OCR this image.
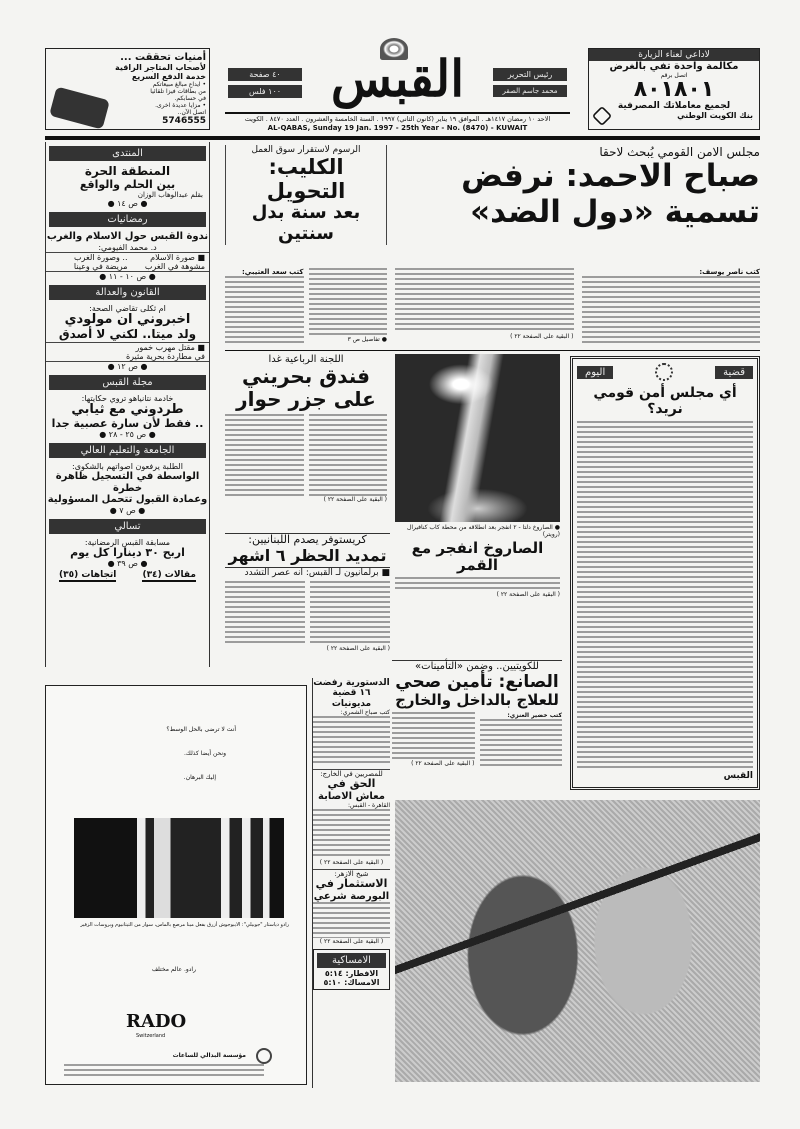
أمنيات تحققت ...
لأصحاب المتاجر الراقية
خدمة الدفع السريع
• ايداع مبالغ مبيعاتكم من بطاقات فيزا تلقائيا في حسابكم.
• مزايا عديدة اخرى.
اتصل الآن..
5746555
القبس
٤٠ صفحة
١٠٠ فلس
رئيس التحرير
محمد جاسم الصقر
الاحد ١٠ رمضان ١٤١٧هـ . الموافق ١٩ يناير (كانون الثاني) ١٩٩٧ . السنة الخامسة والعشرون . العدد ٨٤٧٠ . الكويت
AL-QABAS, Sunday 19 Jan. 1997 - 25th Year - No. (8470) - KUWAIT
لاداعي لعناء الزيارة
مكالمة واحدة تفي بالغرض
اتصل برقم
٨٠١٨٠١
لجميع معاملاتك المصرفية
بنك الكويت الوطني
المنتدى
المنطقة الحرة
بين الحلم والواقع
بقلم عبدالوهاب الوزان
● ص ١٤ ●
رمضانيات
ندوة القبس حول الاسلام والغرب
د. محمد الفيومي:
■ صورة الاسلام
.. وصورة الغرب
مشوهة في الغرب
مريضة في وعينا
● ص ١٠ - ١١ ●
القانون والعدالة
ام ثكلى تقاضي الصحة:
اخبروني ان مولودي
ولد ميتا.. لكني لا أصدق
■ مقتل مهرب خمور
في مطاردة بحرية مثيرة
● ص ١٢ ●
مجلة القبس
خادمة نتانياهو تروي حكايتها:
طردوني مع ثيابي
.. فقط لأن سارة عصبية جدا
● ص ٢٥ - ٢٨ ●
الجامعة والتعليم العالي
الطلبة يرفعون اصواتهم بالشكوى:
الواسطة في التسجيل ظاهرة خطرة
وعمادة القبول تتحمل المسؤولية
● ص ٧ ●
تسالي
مسابقة القبس الرمضانية:
اربح ٣٠ دينارا كل يوم
● ص ٣٩ ●
مقالات (٣٤)
اتجاهات (٣٥)
مجلس الامن القومي يُبحث لاحقا
صباح الاحمد: نرفض
تسمية «دول الضد»
كتب ناصر يوسف:
( البقية على الصفحة ٢٢ )
الرسوم لاستقرار سوق العمل
الكليب: التحويل
بعد سنة بدل سنتين
● تفاصيل ص ٣
كتب سعد العتيبي:
اللجنة الرباعية غدا
فندق بحريني
على جزر حوار
( البقية على الصفحة ٢٢ )
كريستوفر يصدم اللبنانيين:
تمديد الحظر ٦ اشهر
■ برلمانيون لـ القبس: انه عصر التشدد
( البقية على الصفحة ٢٢ )
● الصاروخ دلتا - ٢ انفجر بعد انطلاقه من محطة كاب كنافيرال (رويتر)
الصاروخ انفجر مع القمر
( البقية على الصفحة ٢٢ )
قضية
اليوم
أي مجلس أمن قومي نريد؟
القبس
للكويتيين.. وضمن «التأمينات»
الصانع: تأمين صحي
للعلاج بالداخل والخارج
كتب خضير العنزي:
( البقية على الصفحة ٢٢ )
الدستورية رفضت
١٦ قضية مديونيات
كتب صباح الشمري:
للمصريين في الخارج:
الحق في
معاش الاصابة
القاهرة - القبس:
( البقية على الصفحة ٢٢ )
شيخ الازهر:
الاستثمار في
البورصة شرعي
( البقية على الصفحة ٢٢ )
الامساكية
الافطار: ٥:١٤
الامساك: ٥:١٠
أنت لا ترضى بالحل الوسط؟
ونحن أيضا كذلك.
إليك البرهان.
رادو دياستار "جوبيلي": الايبوجوش أزرق بفعل مينا مرصع بالماس، سوار من التيتانيوم وبروسات الزفير
رادو. عالم مختلف
RADO
Switzerland
مؤسسة البدالي للساعات
